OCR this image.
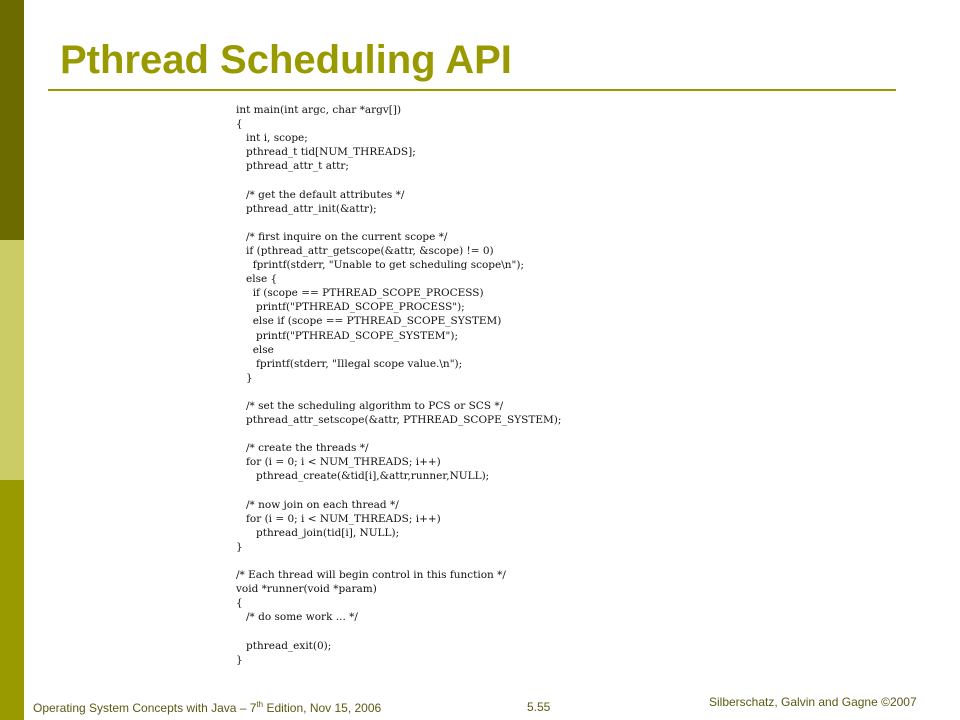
Pthread Scheduling API
int main(int argc, char *argv[])
{
int i, scope;
pthread_t tid[NUM_THREADS];
pthread_attr_t attr;
/* get the default attributes */
pthread_attr_init(&attr);
/* first inquire on the current scope */
if (pthread_attr_getscope(&attr, &scope) != 0)
fprintf(stderr, "Unable to get scheduling scope\n");
else {
if (scope == PTHREAD_SCOPE_PROCESS)
printf("PTHREAD_SCOPE_PROCESS");
else if (scope == PTHREAD_SCOPE_SYSTEM)
printf("PTHREAD_SCOPE_SYSTEM");
else
fprintf(stderr, "Illegal scope value.\n");
}
/* set the scheduling algorithm to PCS or SCS */
pthread_attr_setscope(&attr, PTHREAD_SCOPE_SYSTEM);
/* create the threads */
for (i = 0; i < NUM_THREADS; i++)
pthread_create(&tid[i],&attr,runner,NULL);
/* now join on each thread */
for (i = 0; i < NUM_THREADS; i++)
pthread_join(tid[i], NULL);
}
/* Each thread will begin control in this function */
void *runner(void *param)
{
/* do some work ... */
pthread_exit(0);
}
Operating System Concepts with Java – 7th Edition, Nov 15, 2006	5.55	Silberschatz, Galvin and Gagne ©2007
